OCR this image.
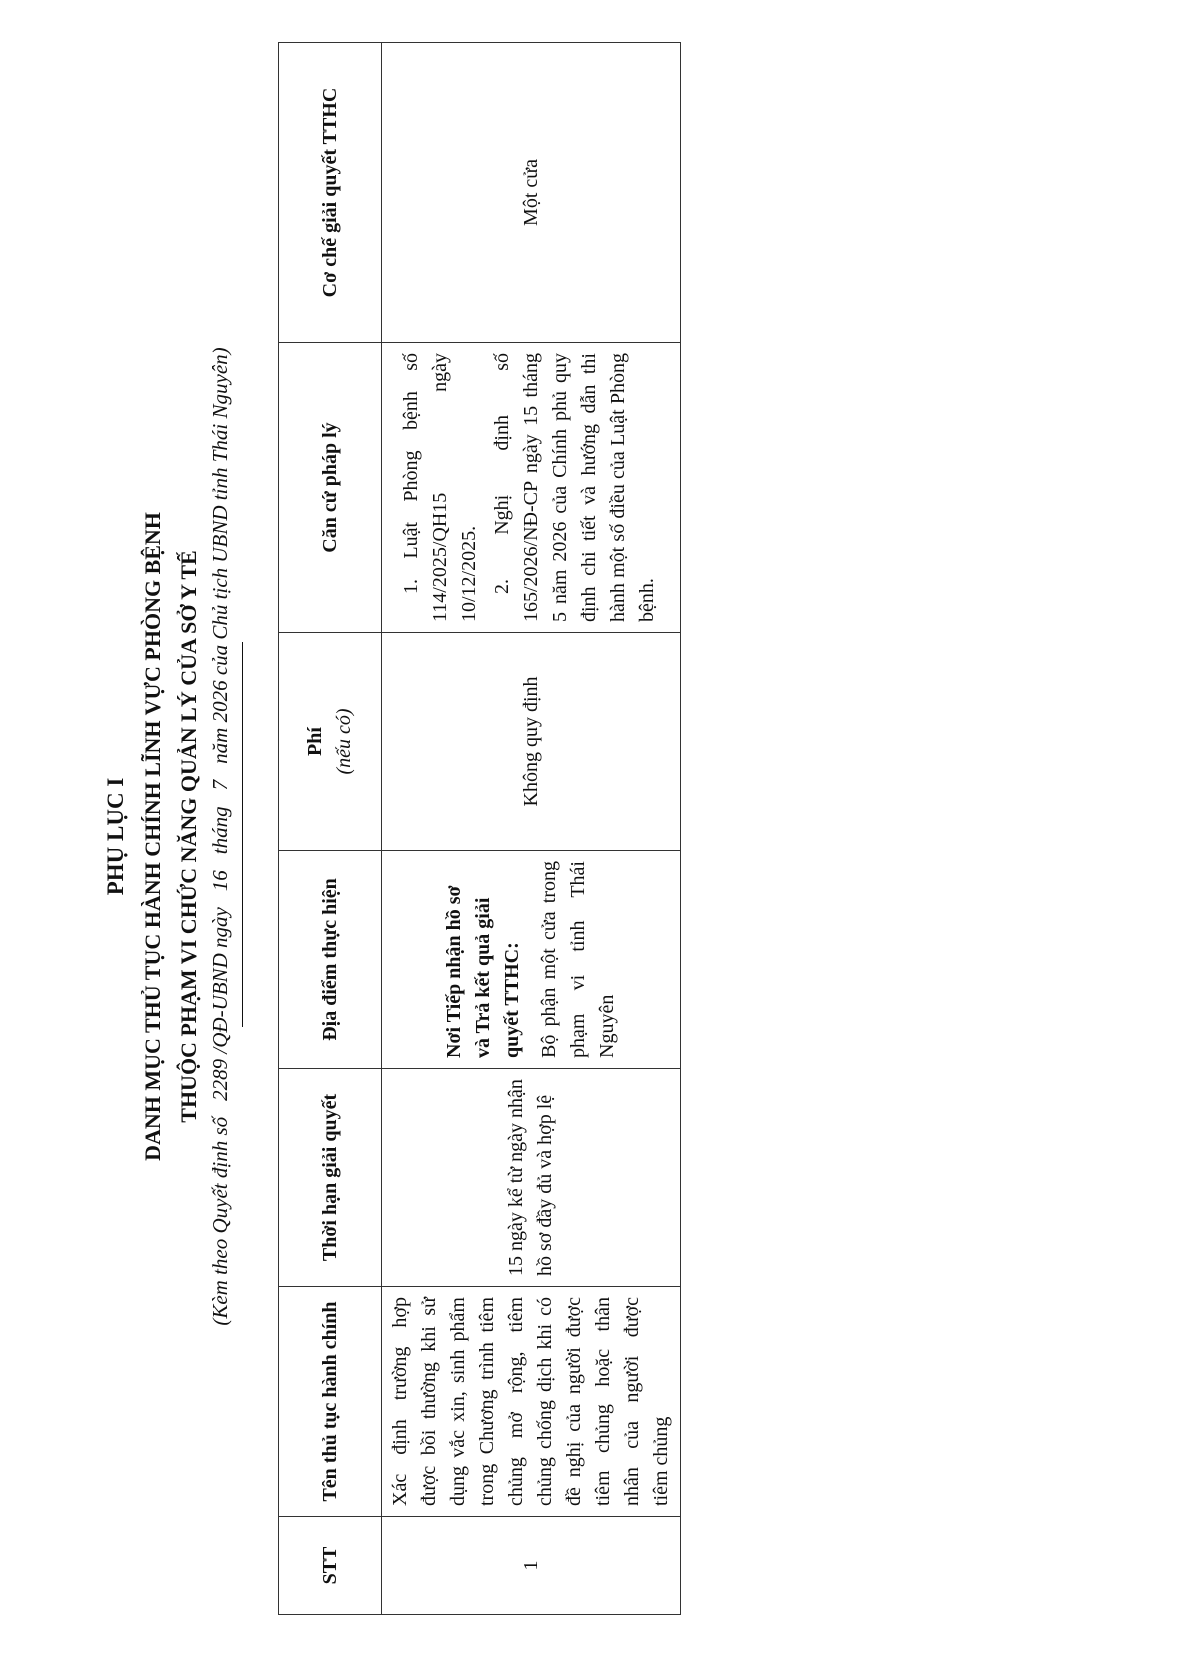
PHỤ LỤC I DANH MỤC THỦ TỤC HÀNH CHÍNH LĨNH VỰC PHÒNG BỆNH THUỘC PHẠM VI CHỨC NĂNG QUẢN LÝ CỦA SỞ Y TẾ
(Kèm theo Quyết định số2289 /QĐ-UBND ngày16tháng7năm 2026 của Chủ tịch UBND tỉnh Thái Nguyên)
STT	Tên thủ tục hành chính	Thời hạn giải quyết	Địa điểm thực hiện	Phí (nếu có)	Căn cứ pháp lý	Cơ chế giải quyết TTHC
1	Xác định trường hợp được bồi thường khi sử dụng vắc xin, sinh phẩm trong Chương trình tiêm chủng mở rộng, tiêm chủng chống dịch khi có đề nghị của người được tiêm chủng hoặc thân nhân của người được tiêm chủng	15 ngày kể từ ngày nhận hồ sơ đầy đủ và hợp lệ	Nơi Tiếp nhận hồ sơ và Trả kết quả giải quyết TTHC: Bộ phận một cửa trong phạm vi tỉnh Thái Nguyên	Không quy định	1. Luật Phòng bệnh số 114/2025/QH15 ngày 10/12/2025. 2. Nghị định số 165/2026/NĐ-CP ngày 15 tháng 5 năm 2026 của Chính phủ quy định chi tiết và hướng dẫn thi hành một số điều của Luật Phòng bệnh.	Một cửa
